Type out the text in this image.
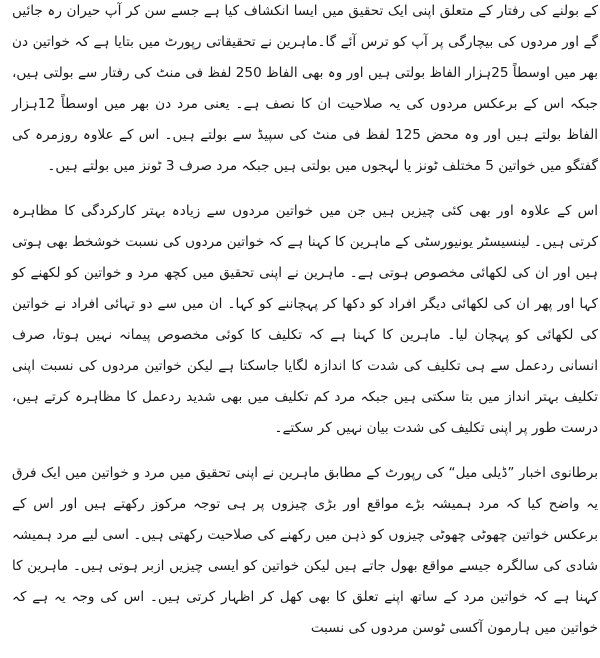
کے بولنے کی رفتار کے متعلق اپنی ایک تحقیق میں ایسا انکشاف کیا ہے جسے سن کر آپ حیران رہ جائیں گے اور مردوں کی بیچارگی پر آپ کو ترس آئے گا۔ماہرین نے تحقیقاتی رپورٹ میں بتایا ہے کہ خواتین دن بھر میں اوسطاً 25ہزار الفاظ بولتی ہیں اور وہ بھی الفاظ 250 لفظ فی منٹ کی رفتار سے بولتی ہیں، جبکہ اس کے برعکس مردوں کی یہ صلاحیت ان کا نصف ہے۔ یعنی مرد دن بھر میں اوسطاً 12ہزار الفاظ بولتے ہیں اور وہ محض 125 لفظ فی منٹ کی سپیڈ سے بولتے ہیں۔ اس کے علاوہ روزمرہ کی گفتگو میں خواتین 5 مختلف ٹونز یا لہجوں میں بولتی ہیں جبکہ مرد صرف 3 ٹونز میں بولتے ہیں۔

اس کے علاوہ اور بھی کئی چیزیں ہیں جن میں خواتین مردوں سے زیادہ بہتر کارکردگی کا مظاہرہ کرتی ہیں۔ لینسیسٹر یونیورسٹی کے ماہرین کا کہنا ہے کہ خواتین مردوں کی نسبت خوشخط بھی ہوتی ہیں اور ان کی لکھائی مخصوص ہوتی ہے۔ ماہرین نے اپنی تحقیق میں کچھ مرد و خواتین کو لکھنے کو کہا اور پھر ان کی لکھائی دیگر افراد کو دکھا کر پہچاننے کو کہا۔ ان میں سے دو تہائی افراد نے خواتین کی لکھائی کو پہچان لیا۔ ماہرین کا کہنا ہے کہ تکلیف کا کوئی مخصوص پیمانہ نہیں ہوتا، صرف انسانی ردعمل سے ہی تکلیف کی شدت کا اندازہ لگایا جاسکتا ہے لیکن خواتین مردوں کی نسبت اپنی تکلیف بہتر انداز میں بتا سکتی ہیں جبکہ مرد کم تکلیف میں بھی شدید ردعمل کا مظاہرہ کرتے ہیں، درست طور پر اپنی تکلیف کی شدت بیان نہیں کر سکتے۔

برطانوی اخبار ”ڈیلی میل“ کی رپورٹ کے مطابق ماہرین نے اپنی تحقیق میں مرد و خواتین میں ایک فرق یہ واضح کیا کہ مرد ہمیشہ بڑے مواقع اور بڑی چیزوں پر ہی توجہ مرکوز رکھتے ہیں اور اس کے برعکس خواتین چھوٹی چھوٹی چیزوں کو ذہن میں رکھنے کی صلاحیت رکھتی ہیں۔ اسی لیے مرد ہمیشہ شادی کی سالگرہ جیسے مواقع بھول جاتے ہیں لیکن خواتین کو ایسی چیزیں ازبر ہوتی ہیں۔ ماہرین کا کہنا ہے کہ خواتین مرد کے ساتھ اپنے تعلق کا بھی کھل کر اظہار کرتی ہیں۔ اس کی وجہ یہ ہے کہ خواتین میں ہارمون آکسی ٹوسن مردوں کی نسبت
